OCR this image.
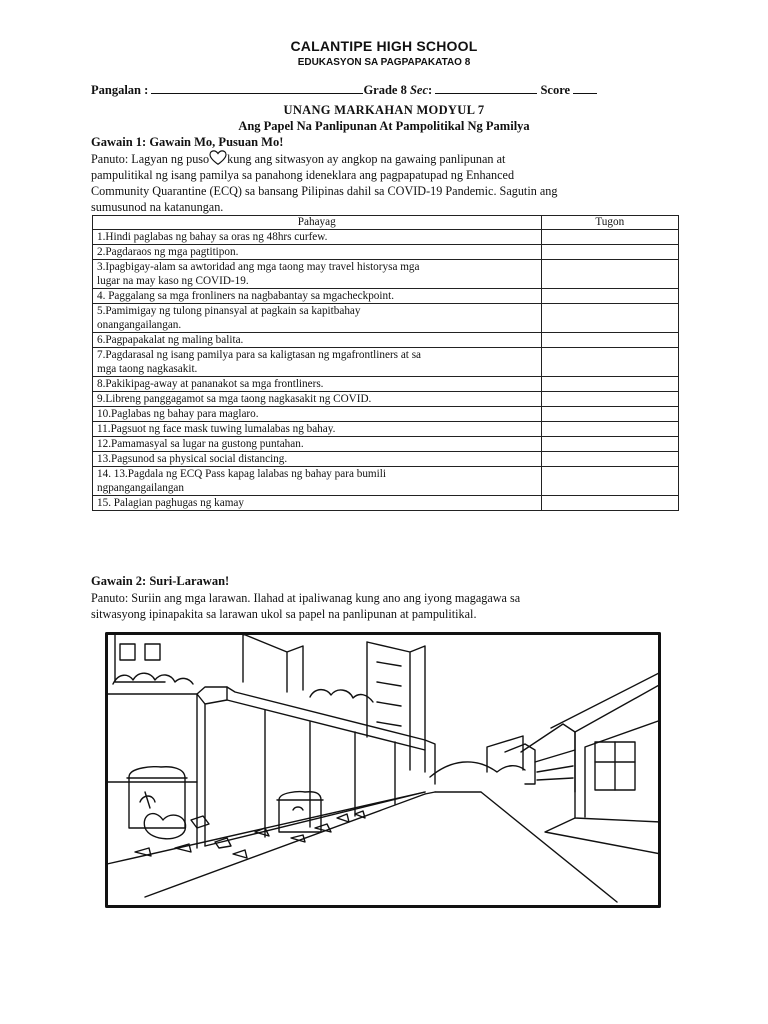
CALANTIPE HIGH SCHOOL
EDUKASYON SA PAGPAPAKATAO 8
Pangalan :	Grade 8 Sec:	Score
UNANG MARKAHAN MODYUL 7
Ang Papel Na Panlipunan At Pampolitikal Ng Pamilya
Gawain 1: Gawain Mo, Pusuan Mo!
Panuto: Lagyan ng puso kung ang sitwasyon ay angkop na gawaing panlipunan at
pampulitikal ng isang pamilya sa panahong ideneklara ang pagpapatupad ng Enhanced
Community Quarantine (ECQ) sa bansang Pilipinas dahil sa COVID-19 Pandemic. Sagutin ang
sumusunod na katanungan.
Pahayag	Tugon

1.Hindi paglabas ng bahay sa oras ng 48hrs curfew.	

2.Pagdaraos ng mga pagtitipon.	

3.Ipagbigay-alam sa awtoridad ang mga taong may travel historysa mga
lugar na may kaso ng COVID-19.	

4. Paggalang sa mga fronliners na nagbabantay sa mgacheckpoint.	

5.Pamimigay ng tulong pinansyal at pagkain sa kapitbahay
onangangailangan.	

6.Pagpapakalat ng maling balita.	

7.Pagdarasal ng isang pamilya para sa kaligtasan ng mgafrontliners at sa
mga taong nagkasakit.	

8.Pakikipag-away at pananakot sa mga frontliners.	

9.Libreng panggagamot sa mga taong nagkasakit ng COVID.	

10.Paglabas ng bahay para maglaro.	

11.Pagsuot ng face mask tuwing lumalabas ng bahay.	

12.Pamamasyal sa lugar na gustong puntahan.	

13.Pagsunod sa physical social distancing.	

14. 13.Pagdala ng ECQ Pass kapag lalabas ng bahay para bumili
ngpangangailangan	

15. Palagian paghugas ng kamay	

Gawain 2: Suri-Larawan!
Panuto: Suriin ang mga larawan. Ilahad at ipaliwanag kung ano ang iyong magagawa sa
sitwasyong ipinapakita sa larawan ukol sa papel na panlipunan at pampulitikal.
